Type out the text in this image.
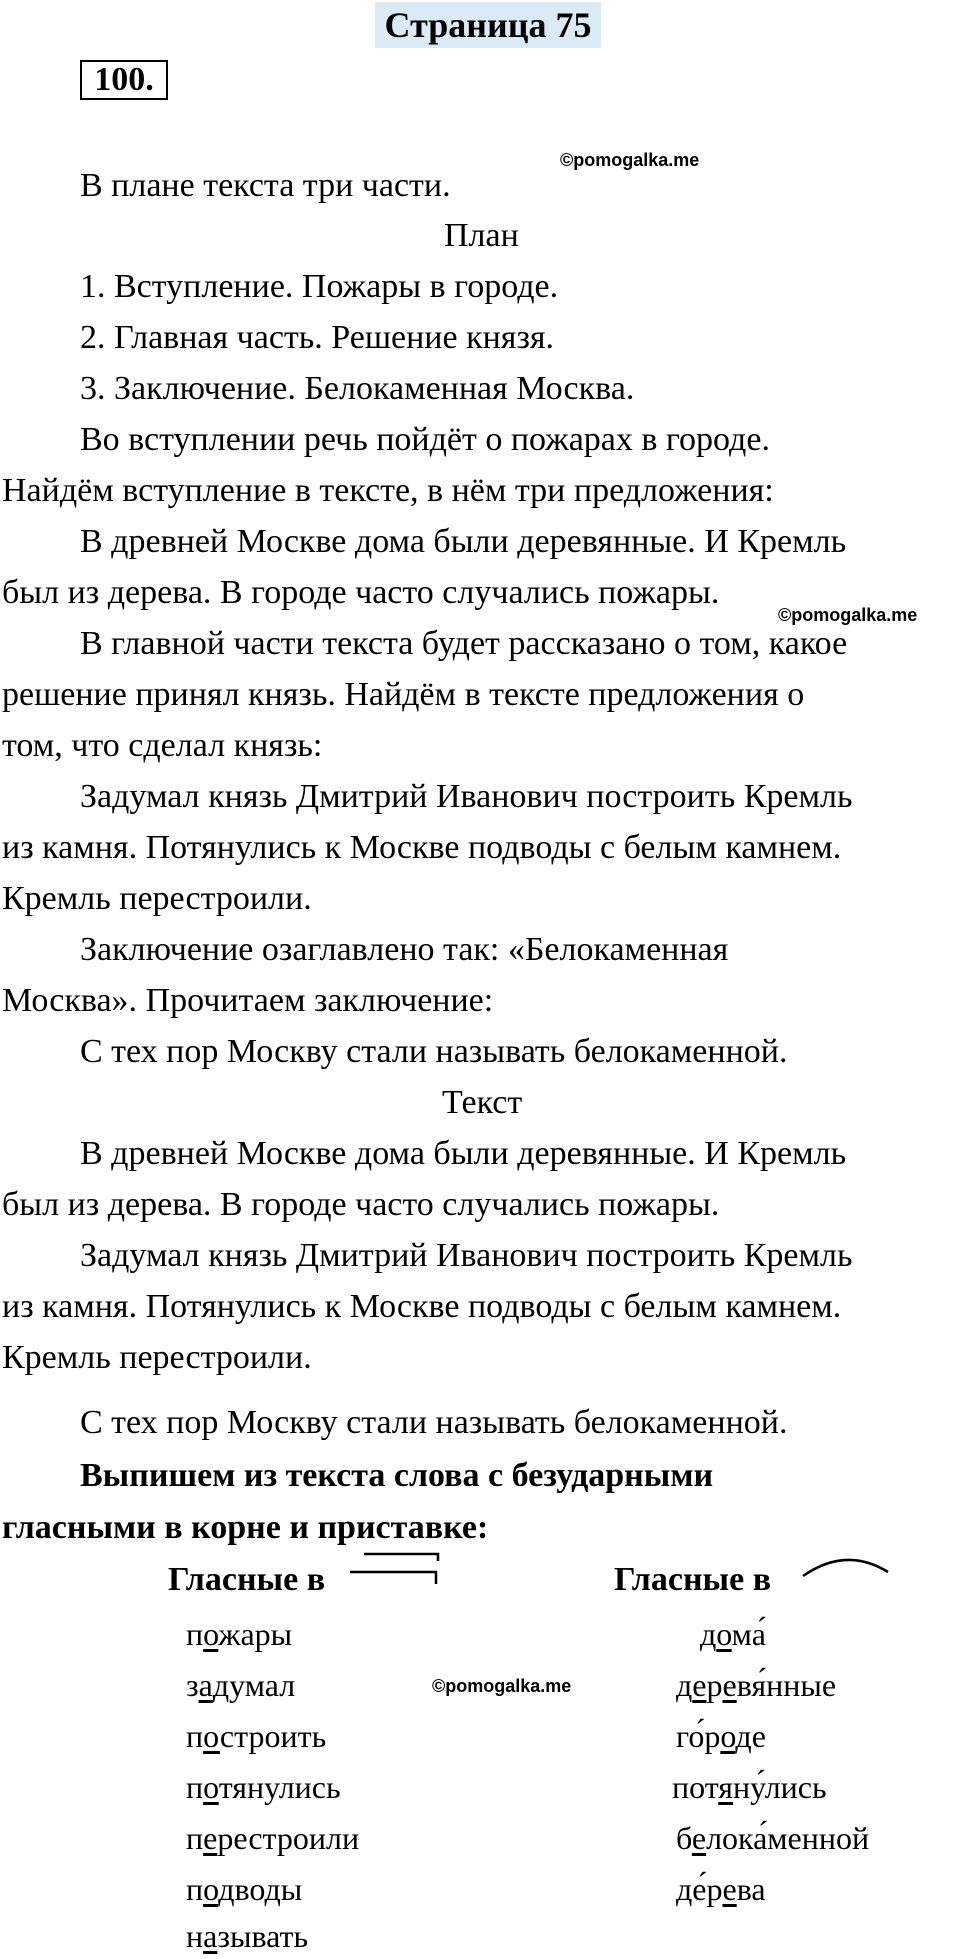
Страница 75
100.
©pomogalka.me
©pomogalka.me
©pomogalka.me
В плане текста три части.
План
1. Вступление. Пожары в городе.
2. Главная часть. Решение князя.
3. Заключение. Белокаменная Москва.
Во вступлении речь пойдёт о пожарах в городе.
Найдём вступление в тексте, в нём три предложения:
В древней Москве дома были деревянные. И Кремль
был из дерева. В городе часто случались пожары.
В главной части текста будет рассказано о том, какое
решение принял князь. Найдём в тексте предложения о
том, что сделал князь:
Задумал князь Дмитрий Иванович построить Кремль
из камня. Потянулись к Москве подводы с белым камнем.
Кремль перестроили.
Заключение озаглавлено так: «Белокаменная
Москва». Прочитаем заключение:
С тех пор Москву стали называть белокаменной.
Текст
В древней Москве дома были деревянные. И Кремль
был из дерева. В городе часто случались пожары.
Задумал князь Дмитрий Иванович построить Кремль
из камня. Потянулись к Москве подводы с белым камнем.
Кремль перестроили.
С тех пор Москву стали называть белокаменной.
Выпишем из текста слова с безударными
гласными в корне и приставке:
Гласные в	Гласные в
пожары
задумал
построить
потянулись
перестроили
подводы
называть
дома́
деревя́нные
го́роде
потяну́лись
белока́менной
де́рева
